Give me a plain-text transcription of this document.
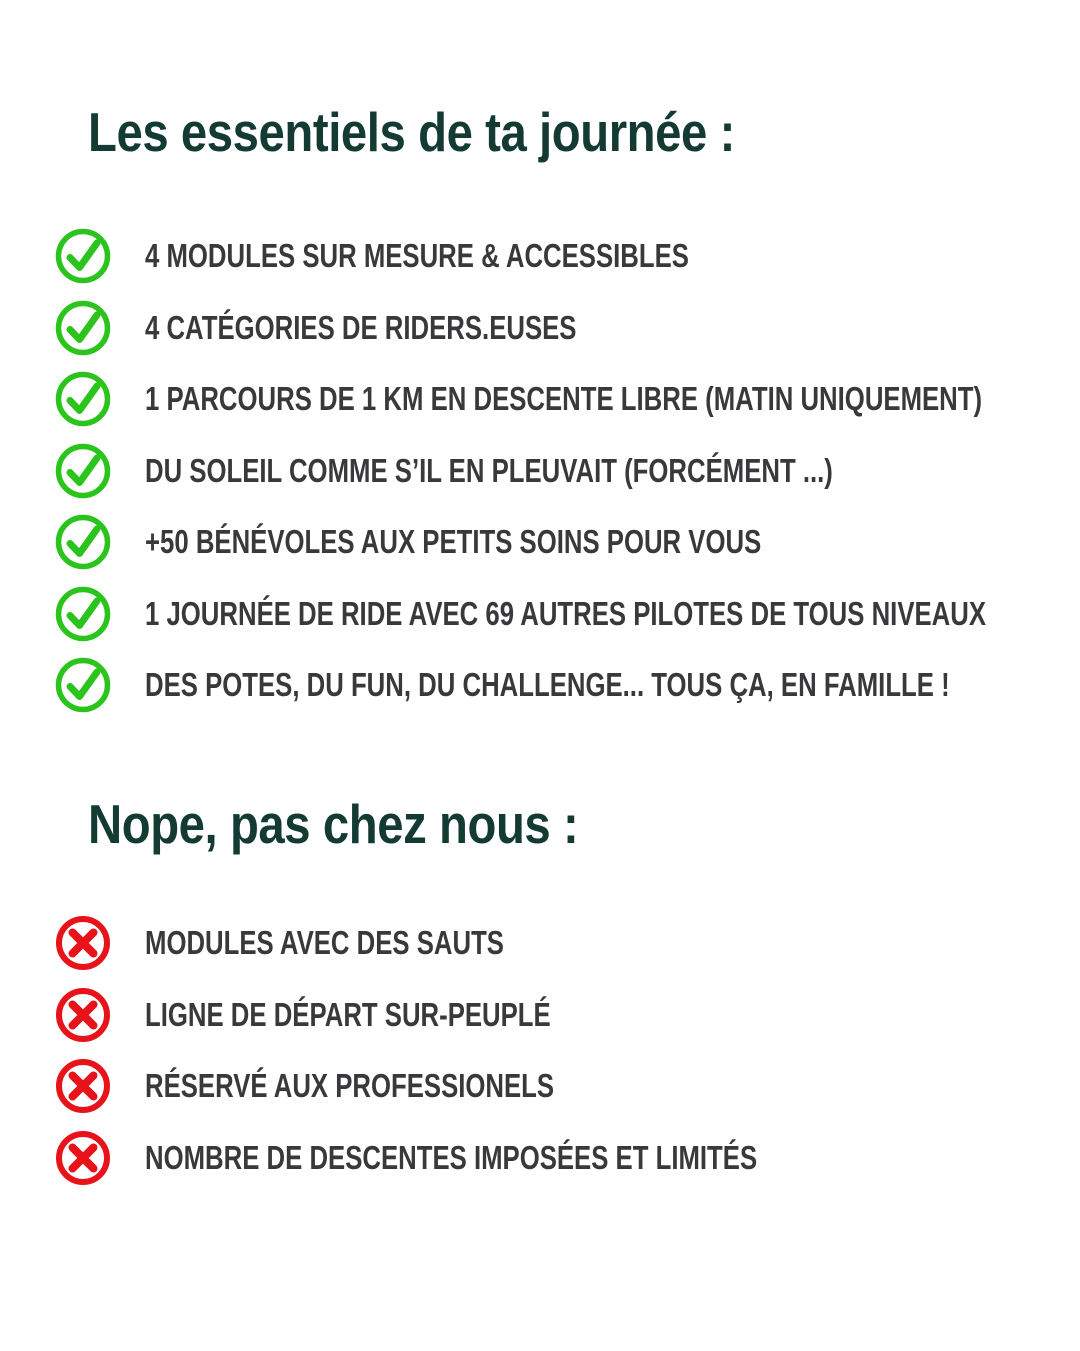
Les essentiels de ta journée :
4 MODULES SUR MESURE & ACCESSIBLES
4 CATÉGORIES DE RIDERS.EUSES
1 PARCOURS DE 1 KM EN DESCENTE LIBRE (MATIN UNIQUEMENT)
DU SOLEIL COMME S’IL EN PLEUVAIT (FORCÉMENT ...)
+50 BÉNÉVOLES AUX PETITS SOINS POUR VOUS
1 JOURNÉE DE RIDE AVEC 69 AUTRES PILOTES DE TOUS NIVEAUX
DES POTES, DU FUN, DU CHALLENGE... TOUS ÇA, EN FAMILLE !
Nope, pas chez nous :
MODULES AVEC DES SAUTS
LIGNE DE DÉPART SUR-PEUPLÉ
RÉSERVÉ AUX PROFESSIONELS
NOMBRE DE DESCENTES IMPOSÉES ET LIMITÉS
